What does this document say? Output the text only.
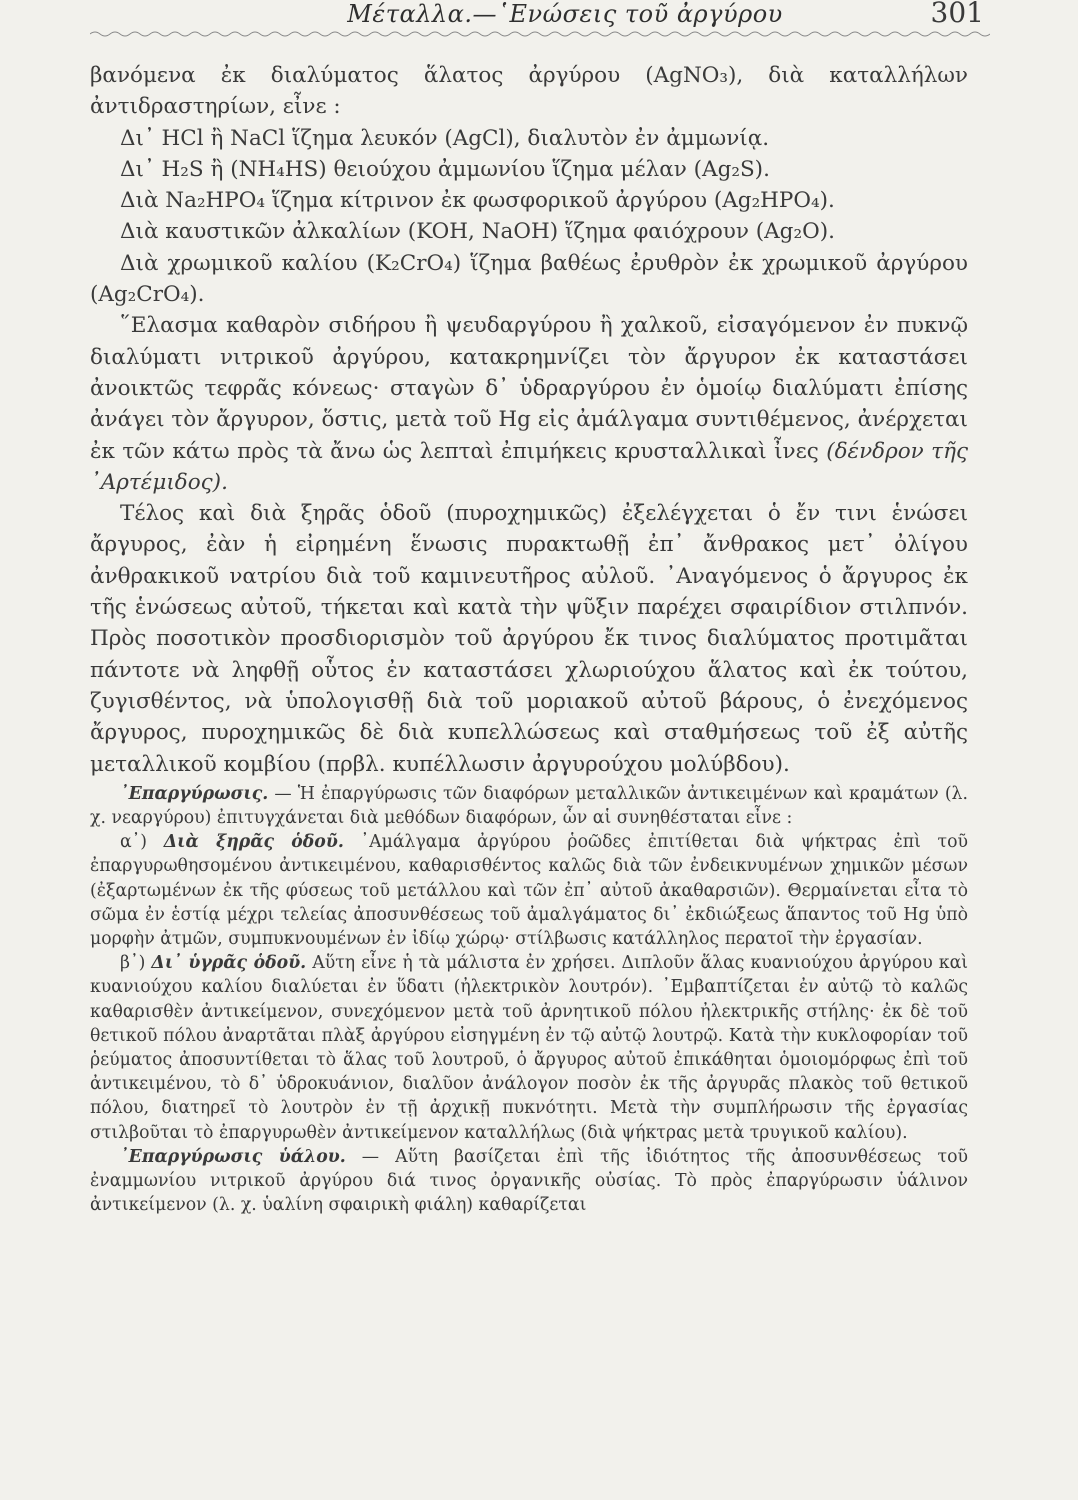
Μέταλλα.—῾Ενώσεις τοῦ ἀργύρου	301

βανόμενα ἐκ διαλύματος ἅλατος ἀργύρου (AgNO₃), διὰ καταλλήλων ἀντιδραστηρίων, εἶνε :

Δι᾽ HCl ἢ NaCl ἵζημα λευκόν (AgCl), διαλυτὸν ἐν ἀμμωνίᾳ.

Δι᾽ H₂S ἢ (NH₄HS) θειούχου ἀμμωνίου ἵζημα μέλαν (Ag₂S).

Διὰ Na₂HPO₄ ἵζημα κίτρινον ἐκ φωσφορικοῦ ἀργύρου (Ag₂HPO₄).

Διὰ καυστικῶν ἀλκαλίων (KOH, NaOH) ἵζημα φαιόχρουν (Ag₂O).

Διὰ χρωμικοῦ καλίου (K₂CrO₄) ἵζημα βαθέως ἐρυθρὸν ἐκ χρωμικοῦ ἀργύρου (Ag₂CrO₄).

῞Ελασμα καθαρὸν σιδήρου ἢ ψευδαργύρου ἢ χαλκοῦ, εἰσαγόμενον ἐν πυκνῷ διαλύματι νιτρικοῦ ἀργύρου, κατακρημνίζει τὸν ἄργυρον ἐκ καταστάσει ἀνοικτῶς τεφρᾶς κόνεως· σταγὼν δ᾽ ὑδραργύρου ἐν ὁμοίῳ διαλύματι ἐπίσης ἀνάγει τὸν ἄργυρον, ὅστις, μετὰ τοῦ Hg εἰς ἀμάλγαμα συντιθέμενος, ἀνέρχεται ἐκ τῶν κάτω πρὸς τὰ ἄνω ὡς λεπταὶ ἐπιμήκεις κρυσταλλικαὶ ἶνες (δένδρον τῆς ᾽Αρτέμιδος).

Τέλος καὶ διὰ ξηρᾶς ὁδοῦ (πυροχημικῶς) ἐξελέγχεται ὁ ἔν τινι ἑνώσει ἄργυρος, ἐὰν ἡ εἰρημένη ἕνωσις πυρακτωθῇ ἐπ᾽ ἄνθρακος μετ᾽ ὀλίγου ἀνθρακικοῦ νατρίου διὰ τοῦ καμινευτῆρος αὐλοῦ. ᾽Αναγόμενος ὁ ἄργυρος ἐκ τῆς ἑνώσεως αὐτοῦ, τήκεται καὶ κατὰ τὴν ψῦξιν παρέχει σφαιρίδιον στιλπνόν. Πρὸς ποσοτικὸν προσδιορισμὸν τοῦ ἀργύρου ἔκ τινος διαλύματος προτιμᾶται πάντοτε νὰ ληφθῇ οὗτος ἐν καταστάσει χλωριούχου ἅλατος καὶ ἐκ τούτου, ζυγισθέντος, νὰ ὑπολογισθῇ διὰ τοῦ μοριακοῦ αὐτοῦ βάρους, ὁ ἐνεχόμενος ἄργυρος, πυροχημικῶς δὲ διὰ κυπελλώσεως καὶ σταθμήσεως τοῦ ἐξ αὐτῆς μεταλλικοῦ κομβίου (πρβλ. κυπέλλωσιν ἀργυρούχου μολύβδου).

᾽Επαργύρωσις. — Ἡ ἐπαργύρωσις τῶν διαφόρων μεταλλικῶν ἀντικειμένων καὶ κραμάτων (λ. χ. νεαργύρου) ἐπιτυγχάνεται διὰ μεθόδων διαφόρων, ὧν αἱ συνηθέσταται εἶνε :

α᾽) Διὰ ξηρᾶς ὁδοῦ. ᾽Αμάλγαμα ἀργύρου ῥοῶδες ἐπιτίθεται διὰ ψήκτρας ἐπὶ τοῦ ἐπαργυρωθησομένου ἀντικειμένου, καθαρισθέντος καλῶς διὰ τῶν ἐνδεικνυμένων χημικῶν μέσων (ἐξαρτωμένων ἐκ τῆς φύσεως τοῦ μετάλλου καὶ τῶν ἐπ᾽ αὐτοῦ ἀκαθαρσιῶν). Θερμαίνεται εἶτα τὸ σῶμα ἐν ἑστίᾳ μέχρι τελείας ἀποσυνθέσεως τοῦ ἀμαλγάματος δι᾽ ἐκδιώξεως ἅπαντος τοῦ Hg ὑπὸ μορφὴν ἀτμῶν, συμπυκνουμένων ἐν ἰδίῳ χώρῳ· στίλβωσις κατάλληλος περατοῖ τὴν ἐργασίαν.

β᾽) Δι᾽ ὑγρᾶς ὁδοῦ. Αὕτη εἶνε ἡ τὰ μάλιστα ἐν χρήσει. Διπλοῦν ἅλας κυανιούχου ἀργύρου καὶ κυανιούχου καλίου διαλύεται ἐν ὕδατι (ἠλεκτρικὸν λουτρόν). ᾽Εμβαπτίζεται ἐν αὐτῷ τὸ καλῶς καθαρισθὲν ἀντικείμενον, συνεχόμενον μετὰ τοῦ ἀρνητικοῦ πόλου ἠλεκτρικῆς στήλης· ἐκ δὲ τοῦ θετικοῦ πόλου ἀναρτᾶται πλὰξ ἀργύρου εἰσηγμένη ἐν τῷ αὐτῷ λουτρῷ. Κατὰ τὴν κυκλοφορίαν τοῦ ῥεύματος ἀποσυντίθεται τὸ ἅλας τοῦ λουτροῦ, ὁ ἄργυρος αὐτοῦ ἐπικάθηται ὁμοιομόρφως ἐπὶ τοῦ ἀντικειμένου, τὸ δ᾽ ὑδροκυάνιον, διαλῦον ἀνάλογον ποσὸν ἐκ τῆς ἀργυρᾶς πλακὸς τοῦ θετικοῦ πόλου, διατηρεῖ τὸ λουτρὸν ἐν τῇ ἀρχικῇ πυκνότητι. Μετὰ τὴν συμπλήρωσιν τῆς ἐργασίας στιλβοῦται τὸ ἐπαργυρωθὲν ἀντικείμενον καταλλήλως (διὰ ψήκτρας μετὰ τρυγικοῦ καλίου).

᾽Επαργύρωσις ὑάλου. — Αὕτη βασίζεται ἐπὶ τῆς ἰδιότητος τῆς ἀποσυνθέσεως τοῦ ἐναμμωνίου νιτρικοῦ ἀργύρου διά τινος ὀργανικῆς οὐσίας. Τὸ πρὸς ἐπαργύρωσιν ὑάλινον ἀντικείμενον (λ. χ. ὑαλίνη σφαιρικὴ φιάλη) καθαρίζεται
